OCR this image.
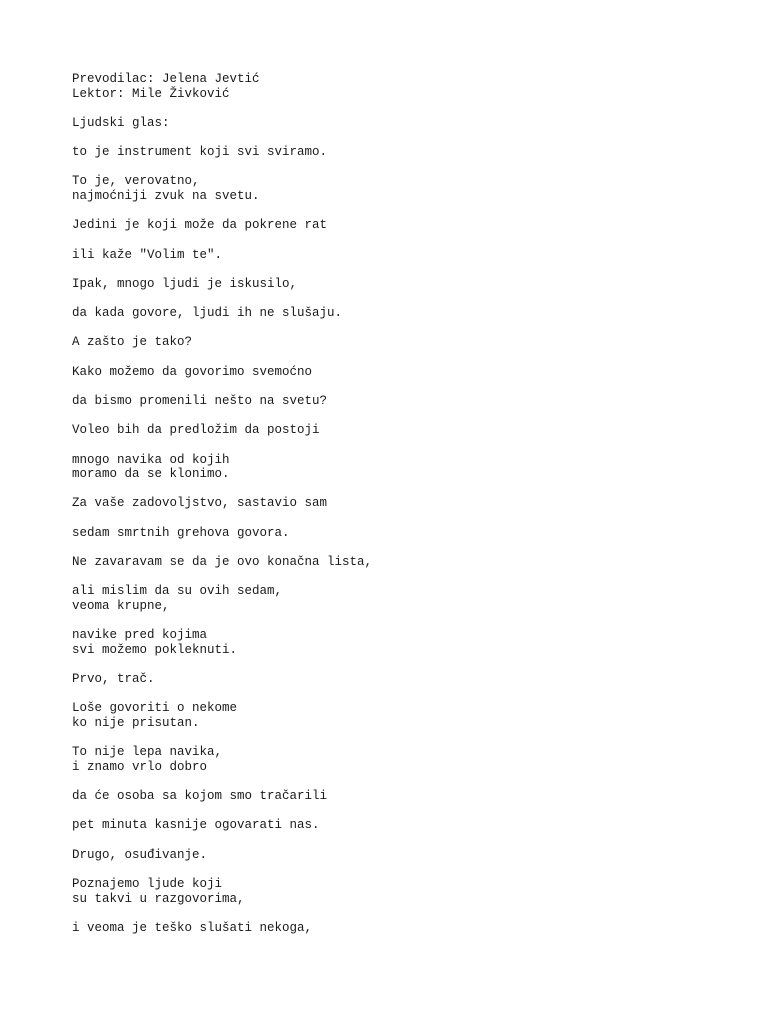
Prevodilac: Jelena Jevtić
Lektor: Mile Živković
Ljudski glas:
to je instrument koji svi sviramo.
To je, verovatno,
najmoćniji zvuk na svetu.
Jedini je koji može da pokrene rat
ili kaže "Volim te".
Ipak, mnogo ljudi je iskusilo,
da kada govore, ljudi ih ne slušaju.
A zašto je tako?
Kako možemo da govorimo svemoćno
da bismo promenili nešto na svetu?
Voleo bih da predložim da postoji
mnogo navika od kojih
moramo da se klonimo.
Za vaše zadovoljstvo, sastavio sam
sedam smrtnih grehova govora.
Ne zavaravam se da je ovo konačna lista,
ali mislim da su ovih sedam,
veoma krupne,
navike pred kojima
svi možemo pokleknuti.
Prvo, trač.
Loše govoriti o nekome
ko nije prisutan.
To nije lepa navika,
i znamo vrlo dobro
da će osoba sa kojom smo tračarili
pet minuta kasnije ogovarati nas.
Drugo, osuđivanje.
Poznajemo ljude koji
su takvi u razgovorima,
i veoma je teško slušati nekoga,
